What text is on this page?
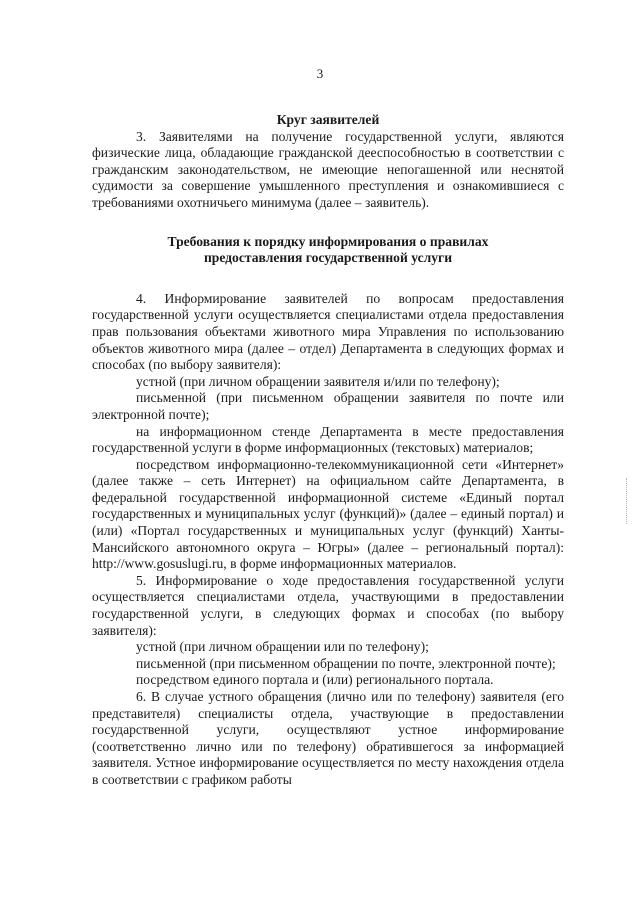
3

Круг заявителей

3. Заявителями на получение государственной услуги, являются физические лица, обладающие гражданской дееспособностью в соответствии с гражданским законодательством, не имеющие непогашенной или неснятой судимости за совершение умышленного преступления и ознакомившиеся с требованиями охотничьего минимума (далее – заявитель).

Требования к порядку информирования о правилах
предоставления государственной услуги

4. Информирование заявителей по вопросам предоставления государственной услуги осуществляется специалистами отдела предоставления прав пользования объектами животного мира Управления по использованию объектов животного мира (далее – отдел) Департамента в следующих формах и способах (по выбору заявителя):

устной (при личном обращении заявителя и/или по телефону);

письменной (при письменном обращении заявителя по почте или электронной почте);

на информационном стенде Департамента в месте предоставления государственной услуги в форме информационных (текстовых) материалов;

посредством информационно-телекоммуникационной сети «Интернет» (далее также – сеть Интернет) на официальном сайте Департамента, в федеральной государственной информационной системе «Единый портал государственных и муниципальных услуг (функций)» (далее – единый портал) и (или) «Портал государственных и муниципальных услуг (функций) Ханты-Мансийского автономного округа – Югры» (далее – региональный портал): http://www.gosuslugi.ru, в форме информационных материалов.

5. Информирование о ходе предоставления государственной услуги осуществляется специалистами отдела, участвующими в предоставлении государственной услуги, в следующих формах и способах (по выбору заявителя):

устной (при личном обращении или по телефону);

письменной (при письменном обращении по почте, электронной почте);

посредством единого портала и (или) регионального портала.

6. В случае устного обращения (лично или по телефону) заявителя (его представителя) специалисты отдела, участвующие в предоставлении государственной услуги, осуществляют устное информирование (соответственно лично или по телефону) обратившегося за информацией заявителя. Устное информирование осуществляется по месту нахождения отдела в соответствии с графиком работы
